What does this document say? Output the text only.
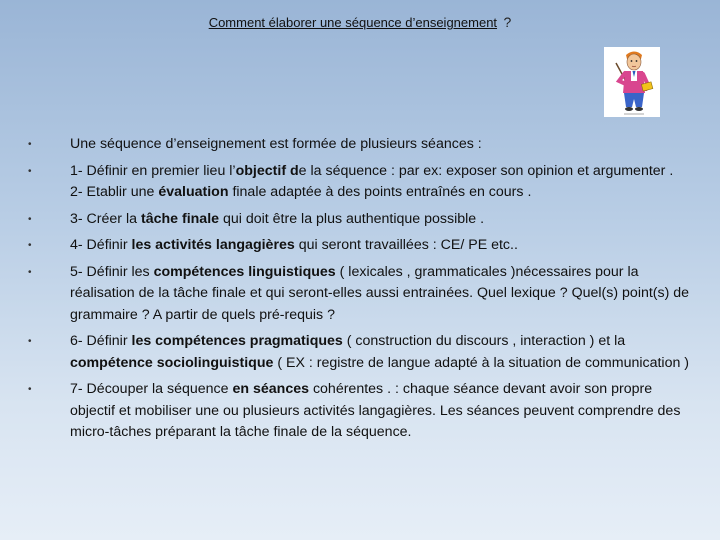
Comment élaborer une séquence d’enseignement ?
•	Une séquence d’enseignement est formée de plusieurs séances :
•	1- Définir en premier lieu l’objectif de la séquence : par ex: exposer son opinion et argumenter .
2- Etablir une évaluation finale adaptée à des points entraînés en cours .
•	3- Créer la tâche finale qui doit être la plus authentique possible .
•	4- Définir les activités langagières qui seront travaillées : CE/ PE etc..
•	5- Définir les compétences linguistiques ( lexicales , grammaticales )nécessaires pour la réalisation de la tâche finale et qui seront-elles aussi entrainées. Quel lexique ? Quel(s) point(s) de grammaire ? A partir de quels pré-requis ?
•	6- Définir les compétences pragmatiques ( construction du discours , interaction ) et la compétence sociolinguistique ( EX : registre de langue adapté à la situation de communication )
•	7- Découper la séquence en séances cohérentes . : chaque séance devant avoir son propre objectif et mobiliser une ou plusieurs activités langagières. Les séances peuvent comprendre des micro-tâches préparant la tâche finale de la séquence.
